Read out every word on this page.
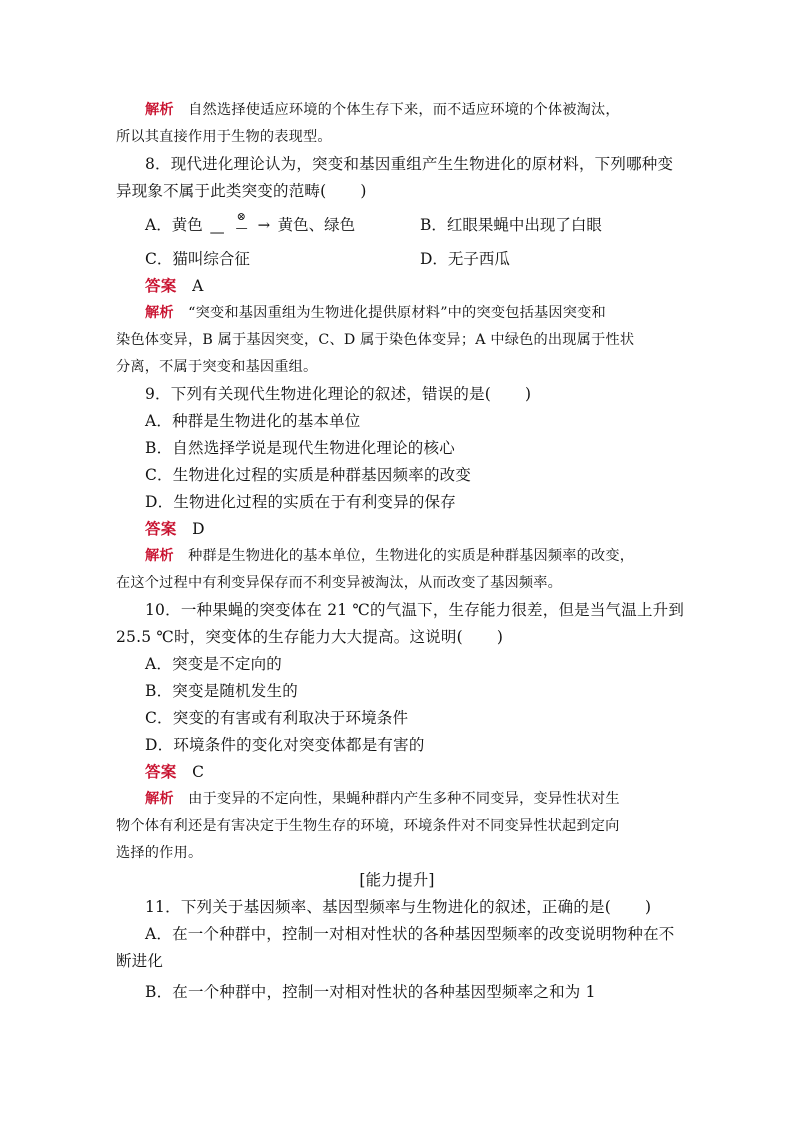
解析　 自然选择使适应环境的个体生存下来，而不适应环境的个体被淘汰，
所以其直接作用于生物的表现型。
8．现代进化理论认为，突变和基因重组产生生物进化的原材料，下列哪种变
异现象不属于此类突变的范畴( )
A．黄色 —
⊗
— → 黄色、绿色	B．红眼果蝇中出现了白眼
C．猫叫综合征	D．无子西瓜
答案　 A
解析　 “突变和基因重组为生物进化提供原材料”中的突变包括基因突变和
染色体变异，B 属于基因突变，C、D 属于染色体变异；A 中绿色的出现属于性状
分离，不属于突变和基因重组。
9．下列有关现代生物进化理论的叙述，错误的是( )
A．种群是生物进化的基本单位
B．自然选择学说是现代生物进化理论的核心
C．生物进化过程的实质是种群基因频率的改变
D．生物进化过程的实质在于有利变异的保存
答案　 D
解析　 种群是生物进化的基本单位，生物进化的实质是种群基因频率的改变，
在这个过程中有利变异保存而不利变异被淘汰，从而改变了基因频率。
10．一种果蝇的突变体在 21 ℃的气温下，生存能力很差，但是当气温上升到
25.5 ℃时，突变体的生存能力大大提高。这说明( )
A．突变是不定向的
B．突变是随机发生的
C．突变的有害或有利取决于环境条件
D．环境条件的变化对突变体都是有害的
答案　 C
解析　 由于变异的不定向性，果蝇种群内产生多种不同变异，变异性状对生
物个体有利还是有害决定于生物生存的环境，环境条件对不同变异性状起到定向
选择的作用。
[能力提升]
11．下列关于基因频率、基因型频率与生物进化的叙述，正确的是( )
A．在一个种群中，控制一对相对性状的各种基因型频率的改变说明物种在不
断进化
B．在一个种群中，控制一对相对性状的各种基因型频率之和为 1
